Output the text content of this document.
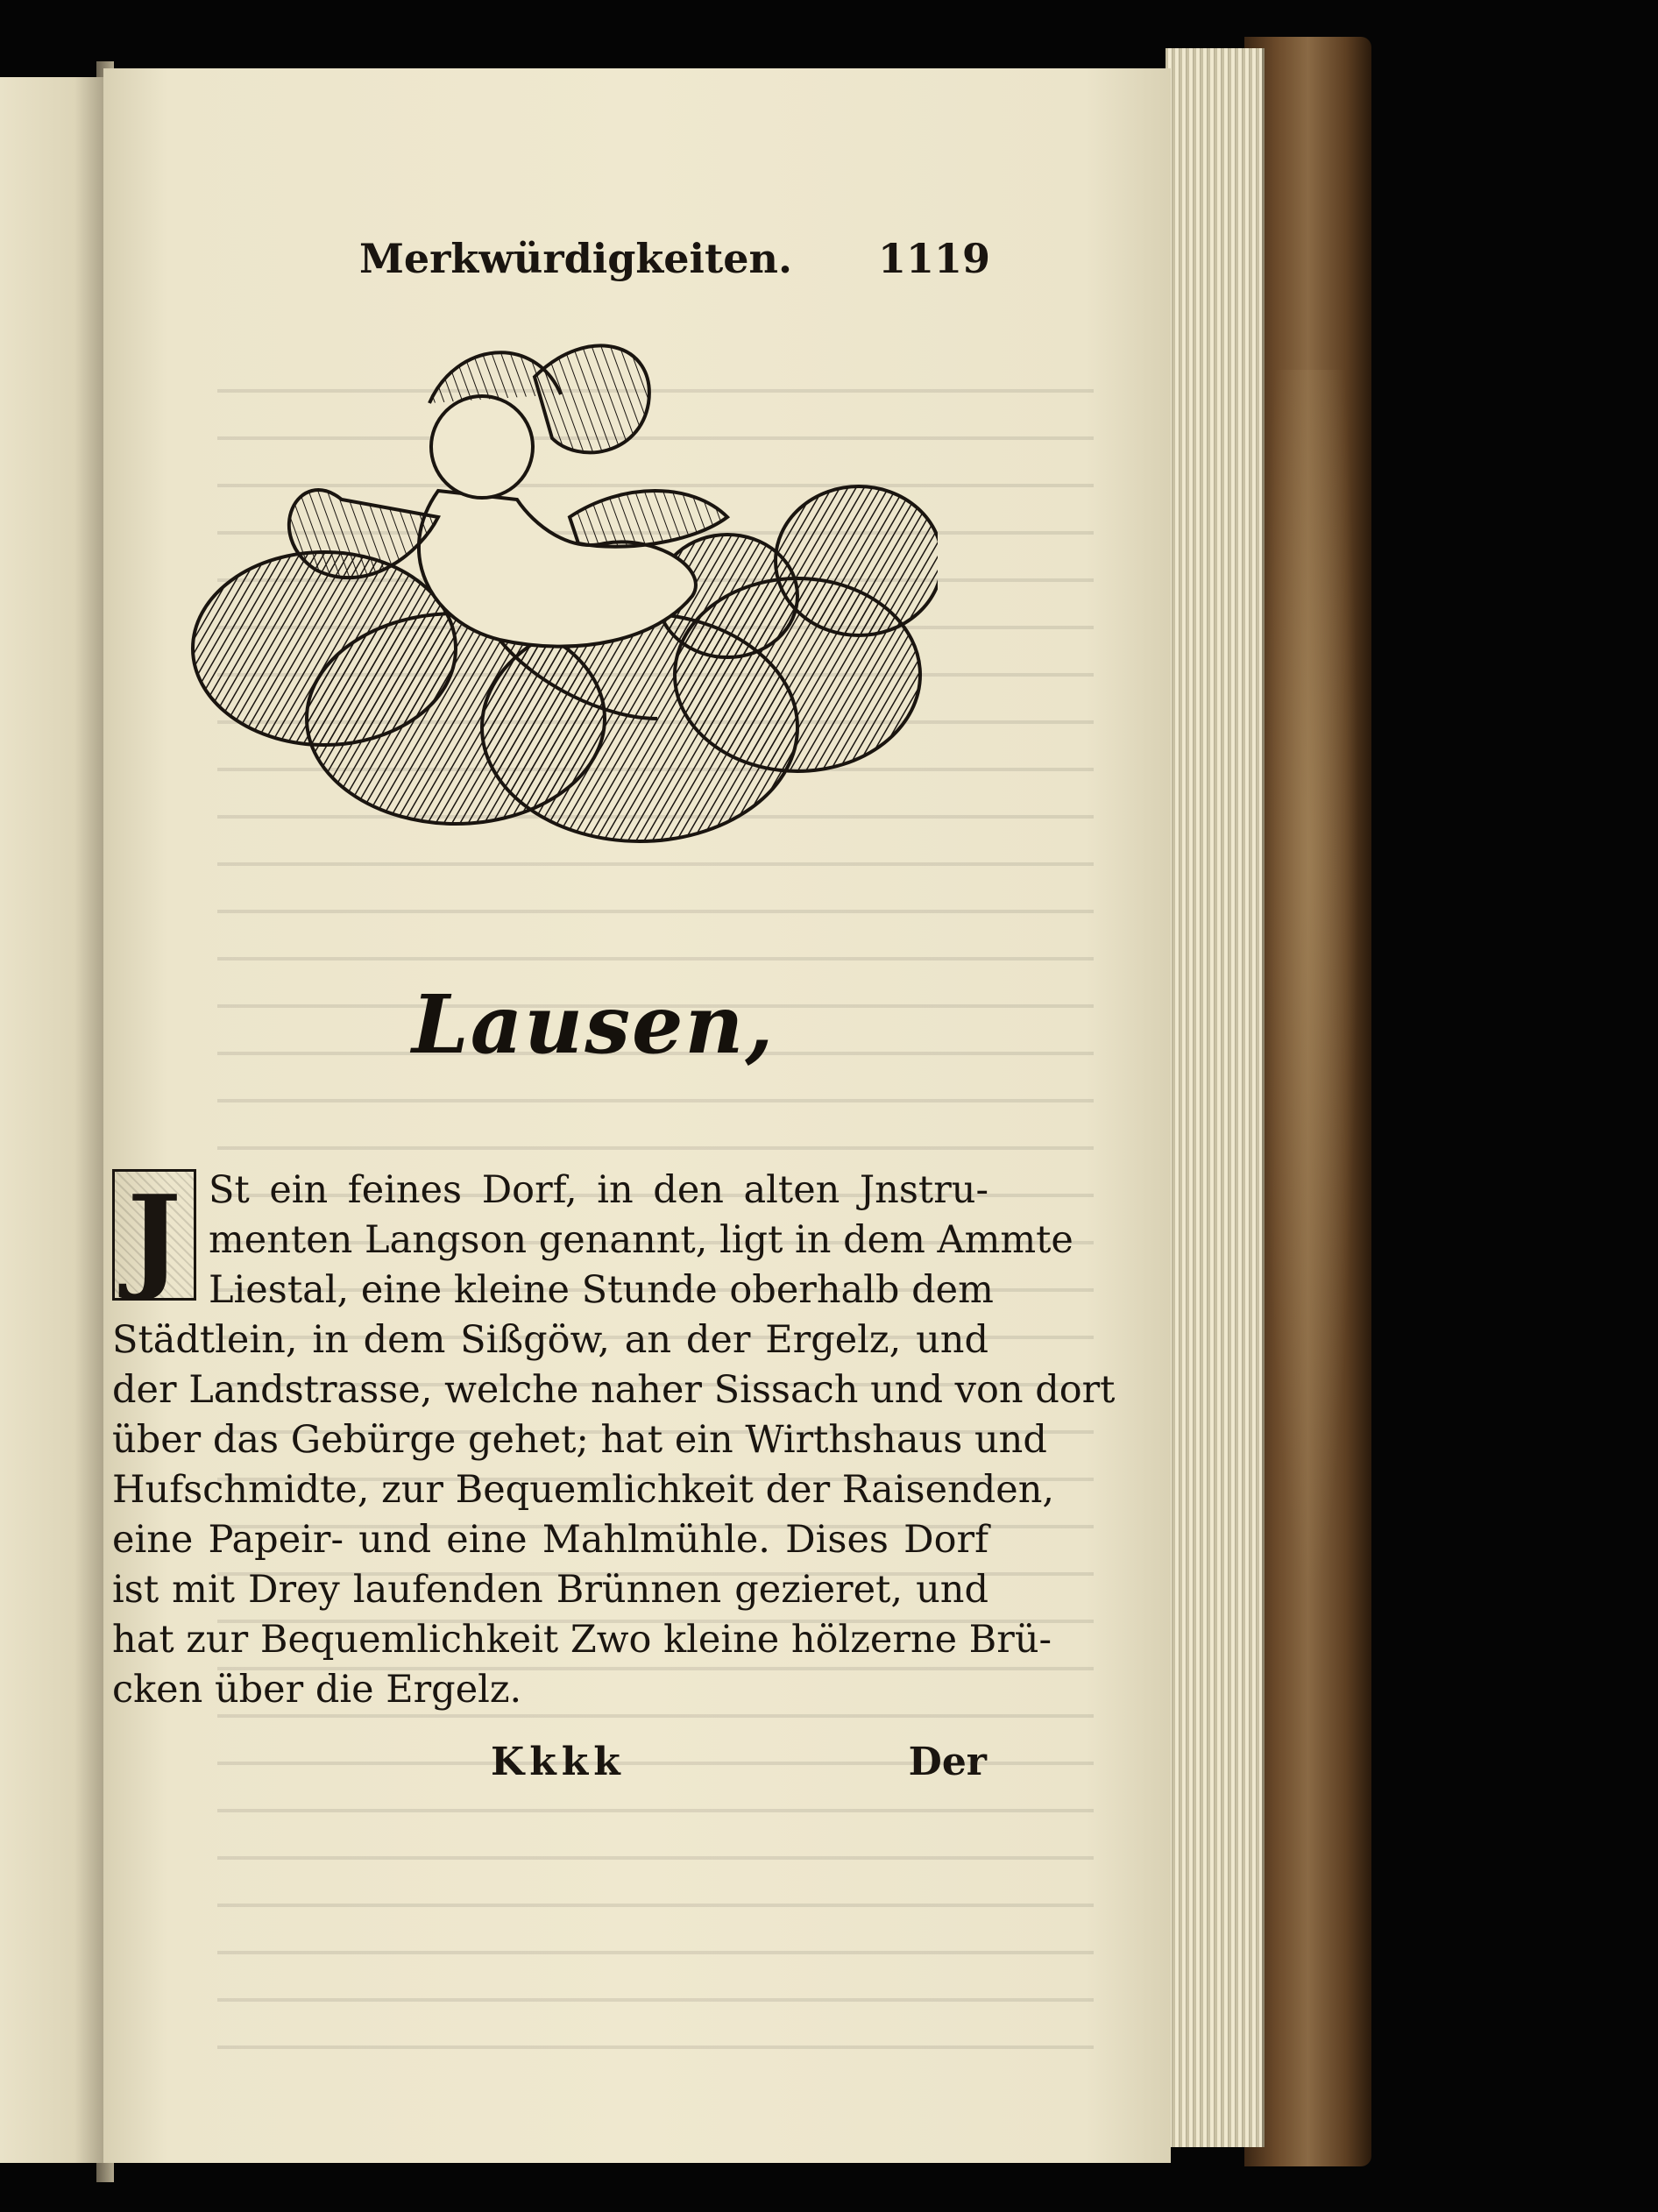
Merkwürdigkeiten. 1119
Lausen,
J St ein feines Dorf, in den alten Jnstru-
menten Langson genannt, ligt in dem Ammte
Liestal, eine kleine Stunde oberhalb dem
Städtlein, in dem Sißgöw, an der Ergelz, und
der Landstrasse, welche naher Sissach und von dort
über das Gebürge gehet; hat ein Wirthshaus und
Hufschmidte, zur Bequemlichkeit der Raisenden,
eine Papeir- und eine Mahlmühle. Dises Dorf
ist mit Drey laufenden Brünnen gezieret, und
hat zur Bequemlichkeit Zwo kleine hölzerne Brü-
cken über die Ergelz.
Kkkk	Der
